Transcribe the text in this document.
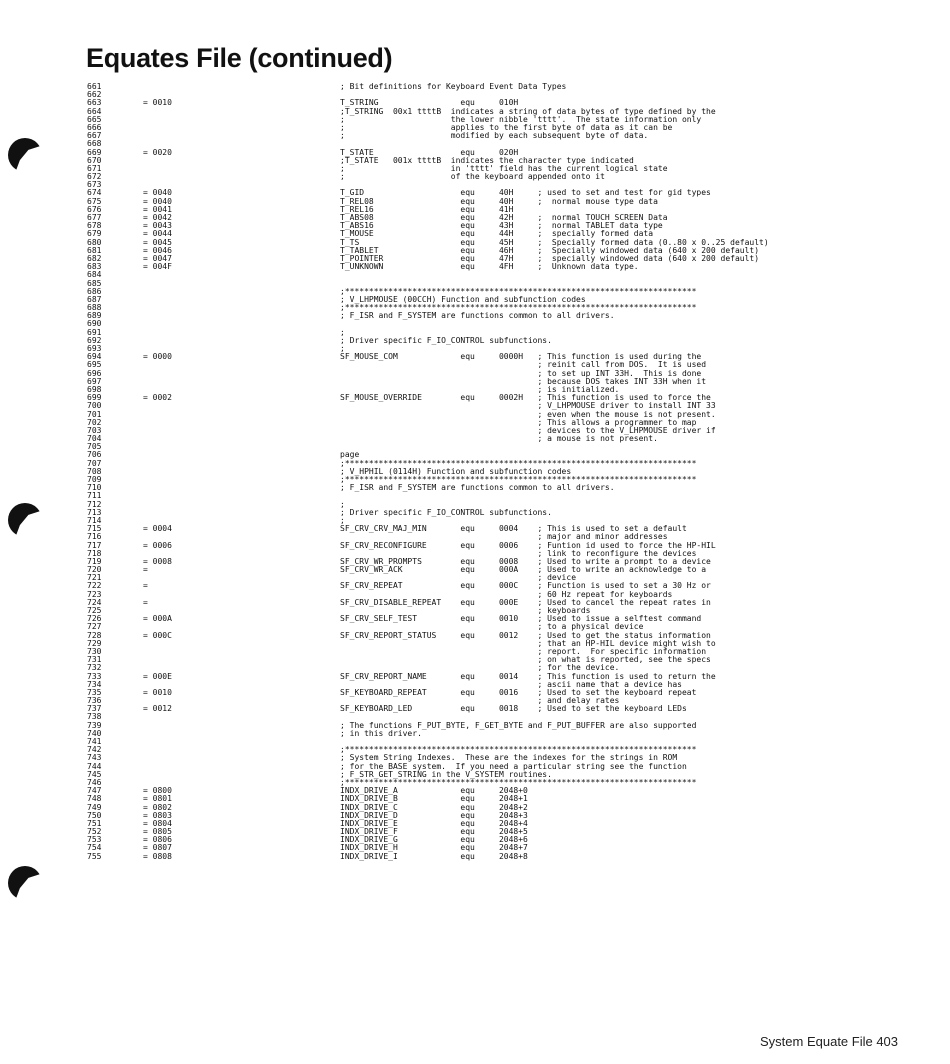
Equates File (continued)
661	; Bit definitions for Keyboard Event Data Types
662
663	= 0010	T_STRING                 equ     010H
664	;T_STRING  00x1 ttttB  indicates a string of data bytes of type defined by the
665	;                      the lower nibble 'tttt'.  The state information only
666	;                      applies to the first byte of data as it can be
667	;                      modified by each subsequent byte of data.
668
669	= 0020	T_STATE                  equ     020H
670	;T_STATE   001x ttttB  indicates the character type indicated
671	;                      in 'tttt' field has the current logical state
672	;                      of the keyboard appended onto it
673
674	= 0040	T_GID                    equ     40H     ; used to set and test for gid types
675	= 0040	T_REL08                  equ     40H     ;  normal mouse type data
676	= 0041	T_REL16                  equ     41H
677	= 0042	T_ABS08                  equ     42H     ;  normal TOUCH SCREEN Data
678	= 0043	T_ABS16                  equ     43H     ;  normal TABLET data type
679	= 0044	T_MOUSE                  equ     44H     ;  specially formed data
680	= 0045	T_TS                     equ     45H     ;  Specially formed data (0..80 x 0..25 default)
681	= 0046	T_TABLET                 equ     46H     ;  Specially windowed data (640 x 200 default)
682	= 0047	T_POINTER                equ     47H     ;  specially windowed data (640 x 200 default)
683	= 004F	T_UNKNOWN                equ     4FH     ;  Unknown data type.
684
685
686	;*************************************************************************
687	; V_LHPMOUSE (00CCH) Function and subfunction codes
688	;*************************************************************************
689	; F_ISR and F_SYSTEM are functions common to all drivers.
690
691	;
692	; Driver specific F_IO_CONTROL subfunctions.
693	;
694	= 0000	SF_MOUSE_COM             equ     0000H   ; This function is used during the
695	; reinit call from DOS.  It is used
696	; to set up INT 33H.  This is done
697	; because DOS takes INT 33H when it
698	; is initialized.
699	= 0002	SF_MOUSE_OVERRIDE        equ     0002H   ; This function is used to force the
700	; V_LHPMOUSE driver to install INT 33
701	; even when the mouse is not present.
702	; This allows a programmer to map
703	; devices to the V_LHPMOUSE driver if
704	; a mouse is not present.
705
706	page
707	;*************************************************************************
708	; V_HPHIL (0114H) Function and subfunction codes
709	;*************************************************************************
710	; F_ISR and F_SYSTEM are functions common to all drivers.
711
712	;
713	; Driver specific F_IO_CONTROL subfunctions.
714	;
715	= 0004	SF_CRV_CRV_MAJ_MIN       equ     0004    ; This is used to set a default
716	; major and minor addresses
717	= 0006	SF_CRV_RECONFIGURE       equ     0006    ; Funtion id used to force the HP-HIL
718	; link to reconfigure the devices
719	= 0008	SF_CRV_WR_PROMPTS        equ     0008    ; Used to write a prompt to a device
720	=	SF_CRV_WR_ACK            equ     000A    ; Used to write an acknowledge to a
721	; device
722	=	SF_CRV_REPEAT            equ     000C    ; Function is used to set a 30 Hz or
723	; 60 Hz repeat for keyboards
724	=	SF_CRV_DISABLE_REPEAT    equ     000E    ; Used to cancel the repeat rates in
725	; keyboards
726	= 000A	SF_CRV_SELF_TEST         equ     0010    ; Used to issue a selftest command
727	; to a physical device
728	= 000C	SF_CRV_REPORT_STATUS     equ     0012    ; Used to get the status information
729	; that an HP-HIL device might wish to
730	; report.  For specific information
731	; on what is reported, see the specs
732	; for the device.
733	= 000E	SF_CRV_REPORT_NAME       equ     0014    ; This function is used to return the
734	; ascii name that a device has
735	= 0010	SF_KEYBOARD_REPEAT       equ     0016    ; Used to set the keyboard repeat
736	; and delay rates
737	= 0012	SF_KEYBOARD_LED          equ     0018    ; Used to set the keyboard LEDs
738
739	; The functions F_PUT_BYTE, F_GET_BYTE and F_PUT_BUFFER are also supported
740	; in this driver.
741
742	;*************************************************************************
743	; System String Indexes.  These are the indexes for the strings in ROM
744	; for the BASE system.  If you need a particular string see the function
745	; F_STR_GET_STRING in the V_SYSTEM routines.
746	;*************************************************************************
747	= 0800	INDX_DRIVE_A             equ     2048+0
748	= 0801	INDX_DRIVE_B             equ     2048+1
749	= 0802	INDX_DRIVE_C             equ     2048+2
750	= 0803	INDX_DRIVE_D             equ     2048+3
751	= 0804	INDX_DRIVE_E             equ     2048+4
752	= 0805	INDX_DRIVE_F             equ     2048+5
753	= 0806	INDX_DRIVE_G             equ     2048+6
754	= 0807	INDX_DRIVE_H             equ     2048+7
755	= 0808	INDX_DRIVE_I             equ     2048+8
System Equate File 403
